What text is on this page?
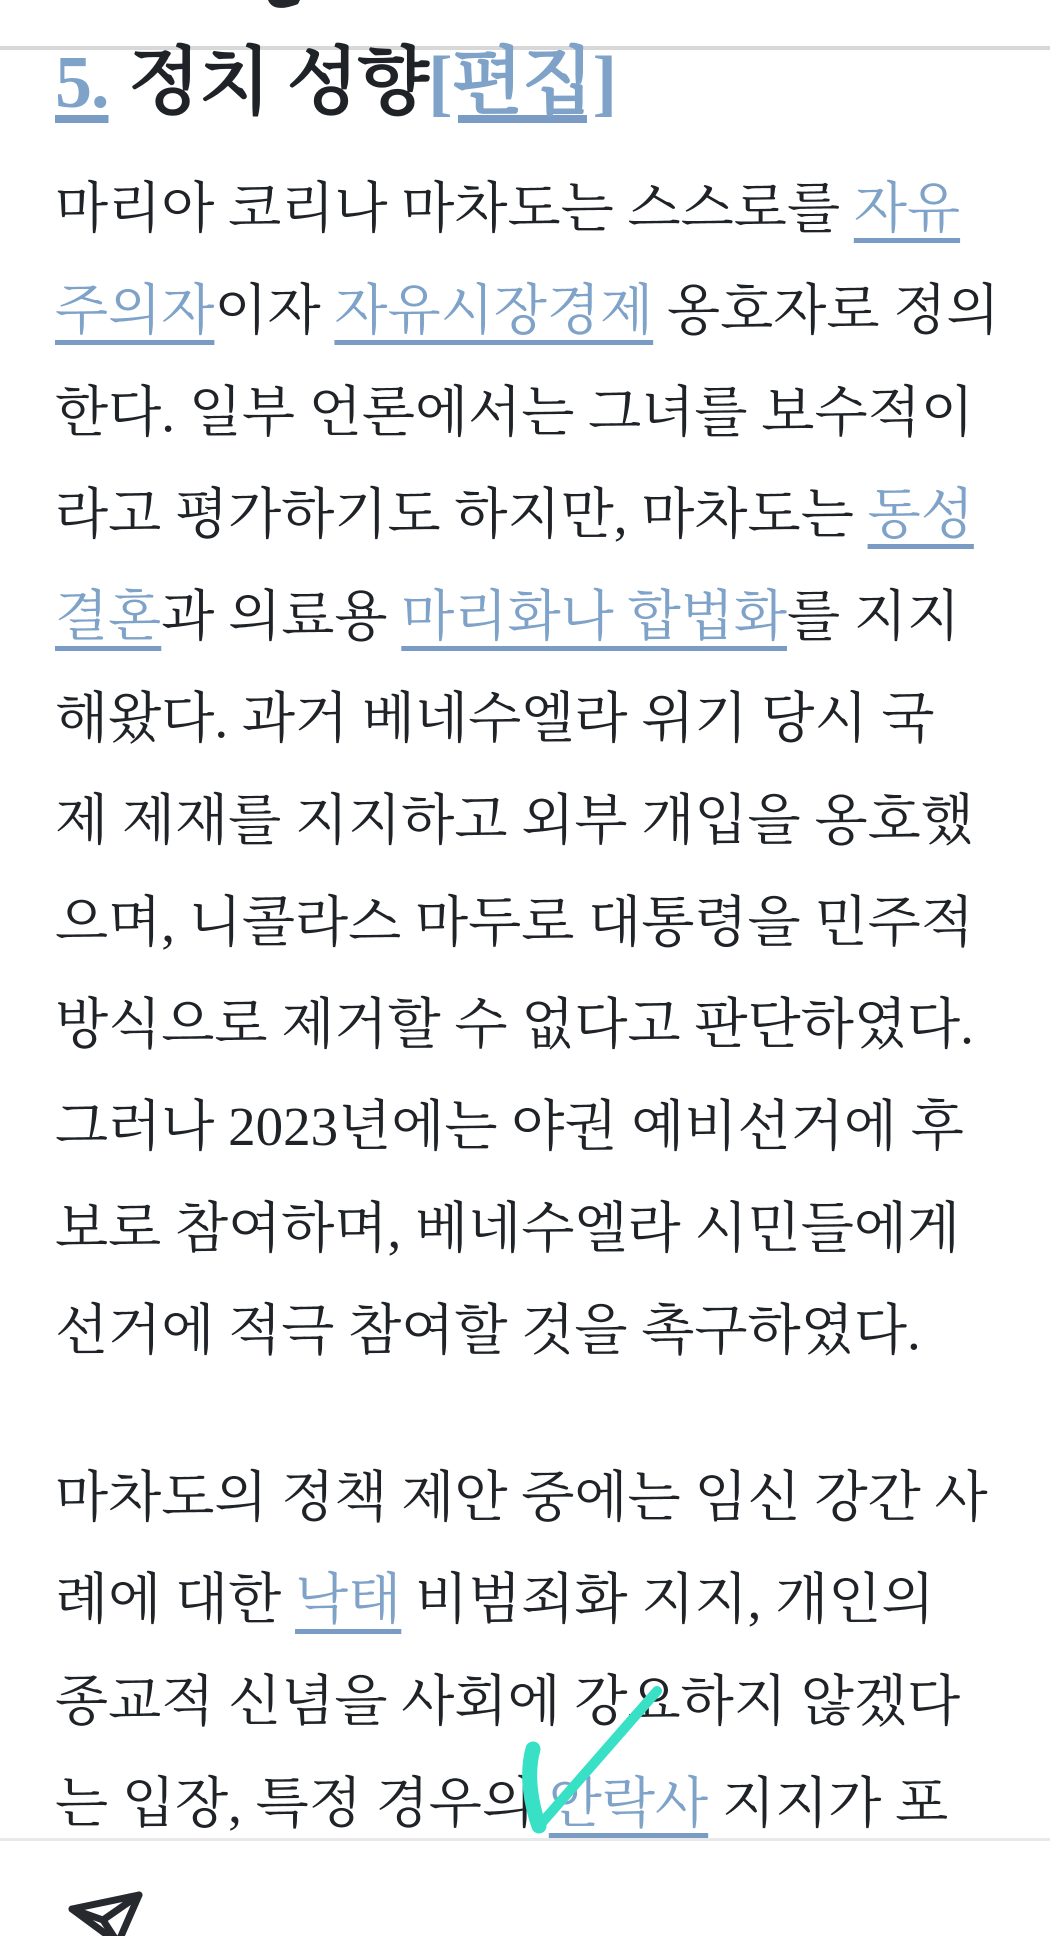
5. 정치 성향[편집]
마리아 코리나 마차도는 스스로를 자유
주의자이자 자유시장경제 옹호자로 정의
한다. 일부 언론에서는 그녀를 보수적이
라고 평가하기도 하지만, 마차도는 동성
결혼과 의료용 마리화나 합법화를 지지
해왔다. 과거 베네수엘라 위기 당시 국
제 제재를 지지하고 외부 개입을 옹호했
으며, 니콜라스 마두로 대통령을 민주적
방식으로 제거할 수 없다고 판단하였다.
그러나 2023년에는 야권 예비선거에 후
보로 참여하며, 베네수엘라 시민들에게
선거에 적극 참여할 것을 촉구하였다.
마차도의 정책 제안 중에는 임신 강간 사
례에 대한 낙태 비범죄화 지지, 개인의
종교적 신념을 사회에 강요하지 않겠다
는 입장, 특정 경우의 안락사 지지가 포
